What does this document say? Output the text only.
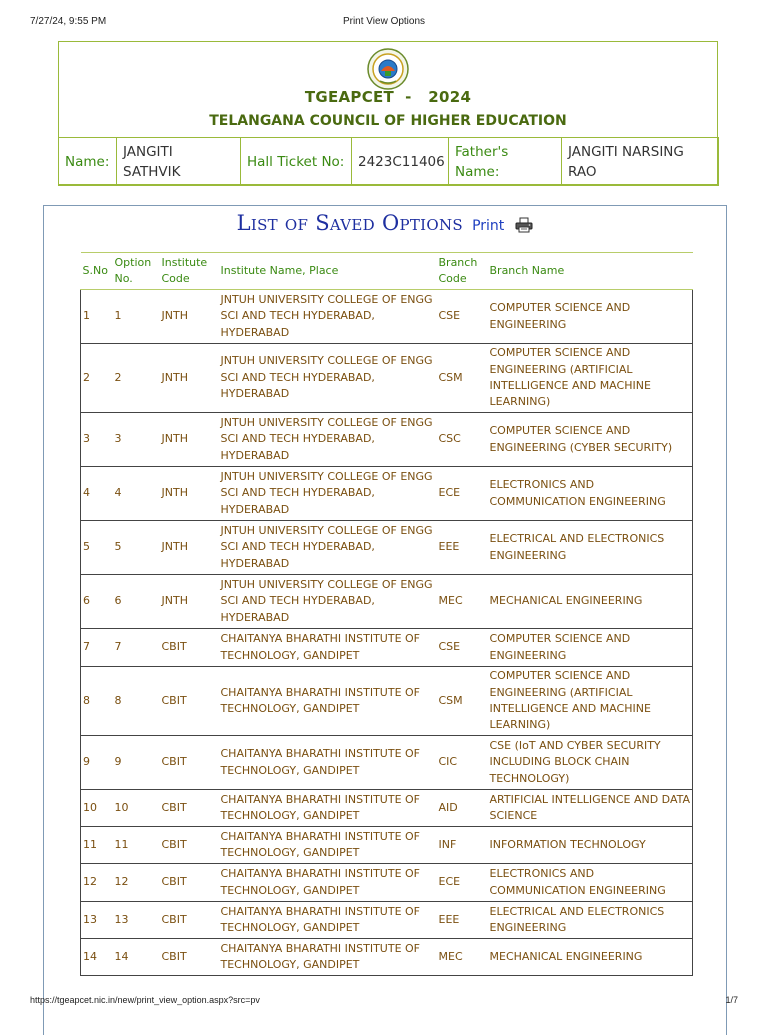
7/27/24, 9:55 PM	Print View Options
TGEAPCET  -   2024
TELANGANA COUNCIL OF HIGHER EDUCATION
Name:	JANGITI SATHVIK	Hall Ticket No:	2423C11406	Father's Name:	JANGITI NARSING RAO
List of Saved Options Print
S.No	Option No.	Institute Code	Institute Name, Place	Branch Code	Branch Name
1	1	JNTH	JNTUH UNIVERSITY COLLEGE OF ENGG SCI AND TECH HYDERABAD, HYDERABAD	CSE	COMPUTER SCIENCE AND ENGINEERING
2	2	JNTH	JNTUH UNIVERSITY COLLEGE OF ENGG SCI AND TECH HYDERABAD, HYDERABAD	CSM	COMPUTER SCIENCE AND ENGINEERING (ARTIFICIAL INTELLIGENCE AND MACHINE LEARNING)
3	3	JNTH	JNTUH UNIVERSITY COLLEGE OF ENGG SCI AND TECH HYDERABAD, HYDERABAD	CSC	COMPUTER SCIENCE AND ENGINEERING (CYBER SECURITY)
4	4	JNTH	JNTUH UNIVERSITY COLLEGE OF ENGG SCI AND TECH HYDERABAD, HYDERABAD	ECE	ELECTRONICS AND COMMUNICATION ENGINEERING
5	5	JNTH	JNTUH UNIVERSITY COLLEGE OF ENGG SCI AND TECH HYDERABAD, HYDERABAD	EEE	ELECTRICAL AND ELECTRONICS ENGINEERING
6	6	JNTH	JNTUH UNIVERSITY COLLEGE OF ENGG SCI AND TECH HYDERABAD, HYDERABAD	MEC	MECHANICAL ENGINEERING
7	7	CBIT	CHAITANYA BHARATHI INSTITUTE OF TECHNOLOGY, GANDIPET	CSE	COMPUTER SCIENCE AND ENGINEERING
8	8	CBIT	CHAITANYA BHARATHI INSTITUTE OF TECHNOLOGY, GANDIPET	CSM	COMPUTER SCIENCE AND ENGINEERING (ARTIFICIAL INTELLIGENCE AND MACHINE LEARNING)
9	9	CBIT	CHAITANYA BHARATHI INSTITUTE OF TECHNOLOGY, GANDIPET	CIC	CSE (IoT AND CYBER SECURITY INCLUDING BLOCK CHAIN TECHNOLOGY)
10	10	CBIT	CHAITANYA BHARATHI INSTITUTE OF TECHNOLOGY, GANDIPET	AID	ARTIFICIAL INTELLIGENCE AND DATA SCIENCE
11	11	CBIT	CHAITANYA BHARATHI INSTITUTE OF TECHNOLOGY, GANDIPET	INF	INFORMATION TECHNOLOGY
12	12	CBIT	CHAITANYA BHARATHI INSTITUTE OF TECHNOLOGY, GANDIPET	ECE	ELECTRONICS AND COMMUNICATION ENGINEERING
13	13	CBIT	CHAITANYA BHARATHI INSTITUTE OF TECHNOLOGY, GANDIPET	EEE	ELECTRICAL AND ELECTRONICS ENGINEERING
14	14	CBIT	CHAITANYA BHARATHI INSTITUTE OF TECHNOLOGY, GANDIPET	MEC	MECHANICAL ENGINEERING
https://tgeapcet.nic.in/new/print_view_option.aspx?src=pv	1/7
